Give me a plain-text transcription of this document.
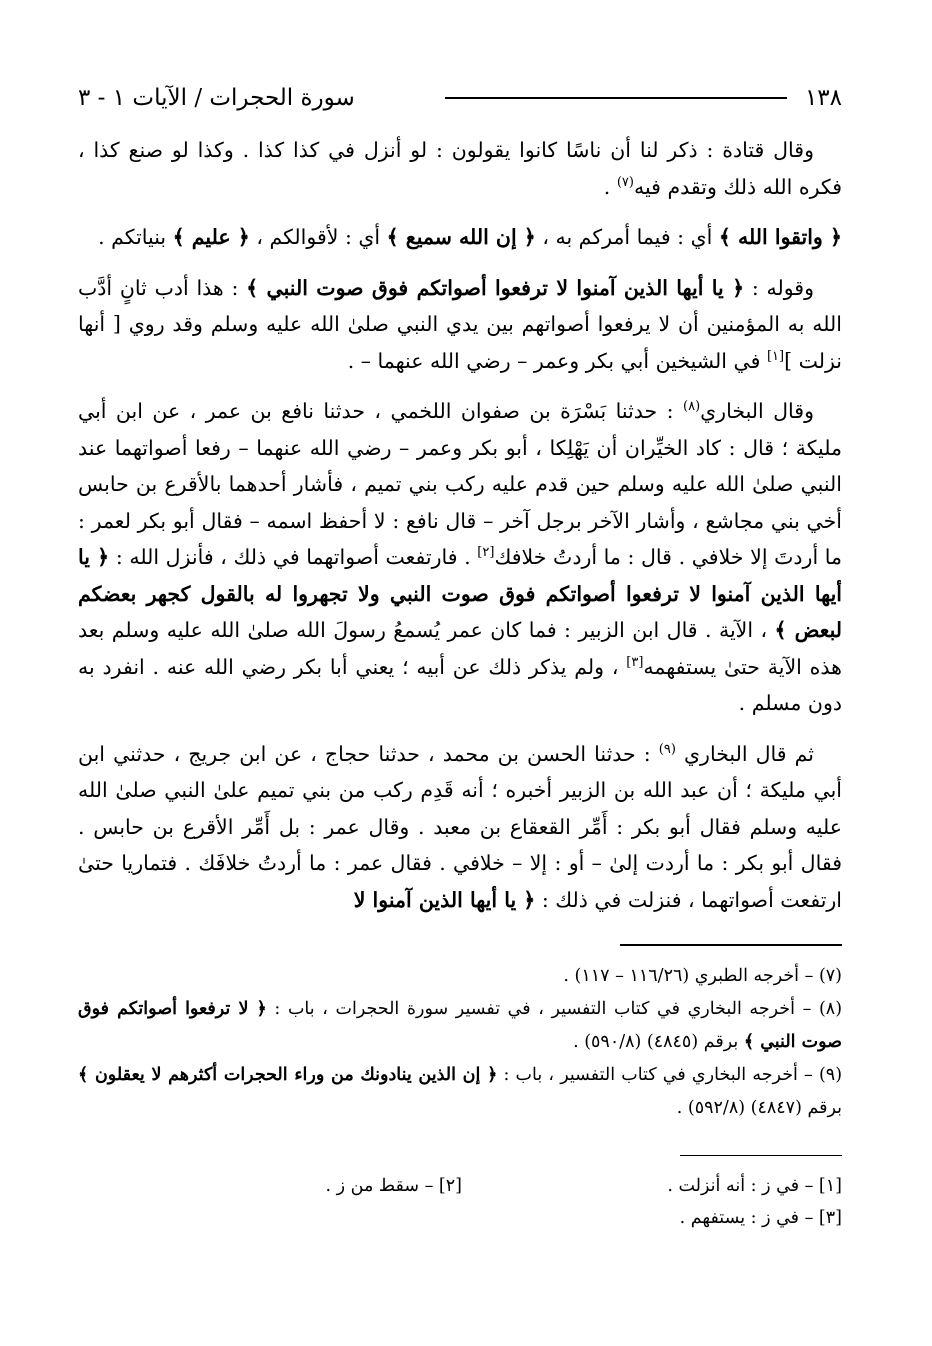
١٣٨
سورة الحجرات / الآيات ١ - ٣

وقال قتادة : ذكر لنا أن ناسًا كانوا يقولون : لو أنزل في كذا كذا . وكذا لو صنع كذا ، فكره الله ذلك وتقدم فيه$^{(٧)}$ .

﴿ واتقوا الله ﴾ أي : فيما أمركم به ، ﴿ إن الله سميع ﴾ أي : لأقوالكم ، ﴿ عليم ﴾ بنياتكم .

وقوله : ﴿ يا أيها الذين آمنوا لا ترفعوا أصواتكم فوق صوت النبي ﴾ : هذا أدب ثانٍ أدَّب الله به المؤمنين أن لا يرفعوا أصواتهم بين يدي النبي صلىٰ الله عليه وسلم وقد روي [ أنها نزلت ][١] في الشيخين أبي بكر وعمر – رضي الله عنهما – .

وقال البخاري$^{(٨)}$ : حدثنا بَسْرَة بن صفوان اللخمي ، حدثنا نافع بن عمر ، عن ابن أبي مليكة ؛ قال : كاد الخيِّران أن يَهْلِكا ، أبو بكر وعمر – رضي الله عنهما – رفعا أصواتهما عند النبي صلىٰ الله عليه وسلم حين قدم عليه ركب بني تميم ، فأشار أحدهما بالأقرع بن حابس أخي بني مجاشع ، وأشار الآخر برجل آخر – قال نافع : لا أحفظ اسمه – فقال أبو بكر لعمر : ما أردتَ إلا خلافي . قال : ما أردتُ خلافك[٢] . فارتفعت أصواتهما في ذلك ، فأنزل الله : ﴿ يا أيها الذين آمنوا لا ترفعوا أصواتكم فوق صوت النبي ولا تجهروا له بالقول كجهر بعضكم لبعض ﴾ ، الآية . قال ابن الزبير : فما كان عمر يُسمعُ رسولَ الله صلىٰ الله عليه وسلم بعد هذه الآية حتىٰ يستفهمه[٣] ، ولم يذكر ذلك عن أبيه ؛ يعني أبا بكر رضي الله عنه . انفرد به دون مسلم .

ثم قال البخاري $^{(٩)}$ : حدثنا الحسن بن محمد ، حدثنا حجاج ، عن ابن جريج ، حدثني ابن أبي مليكة ؛ أن عبد الله بن الزبير أخبره ؛ أنه قَدِم ركب من بني تميم علىٰ النبي صلىٰ الله عليه وسلم فقال أبو بكر : أَمِّر القعقاع بن معبد . وقال عمر : بل أَمِّر الأقرع بن حابس . فقال أبو بكر : ما أردت إلىٰ – أو : إلا – خلافي . فقال عمر : ما أردتُ خلافَك . فتماريا حتىٰ ارتفعت أصواتهما ، فنزلت في ذلك : ﴿ يا أيها الذين آمنوا لا

(٧) – أخرجه الطبري (١١٦/٢٦ – ١١٧) .

(٨) – أخرجه البخاري في كتاب التفسير ، في تفسير سورة الحجرات ، باب : ﴿ لا ترفعوا أصواتكم فوق صوت النبي ﴾ برقم (٤٨٤٥) (٥٩٠/٨) .

(٩) – أخرجه البخاري في كتاب التفسير ، باب : ﴿ إن الذين ينادونك من وراء الحجرات أكثرهم لا يعقلون ﴾ برقم (٤٨٤٧) (٥٩٢/٨) .

[١] – في ز : أنه أنزلت .
[٢] – سقط من ز .
[٣] – في ز : يستفهم .
